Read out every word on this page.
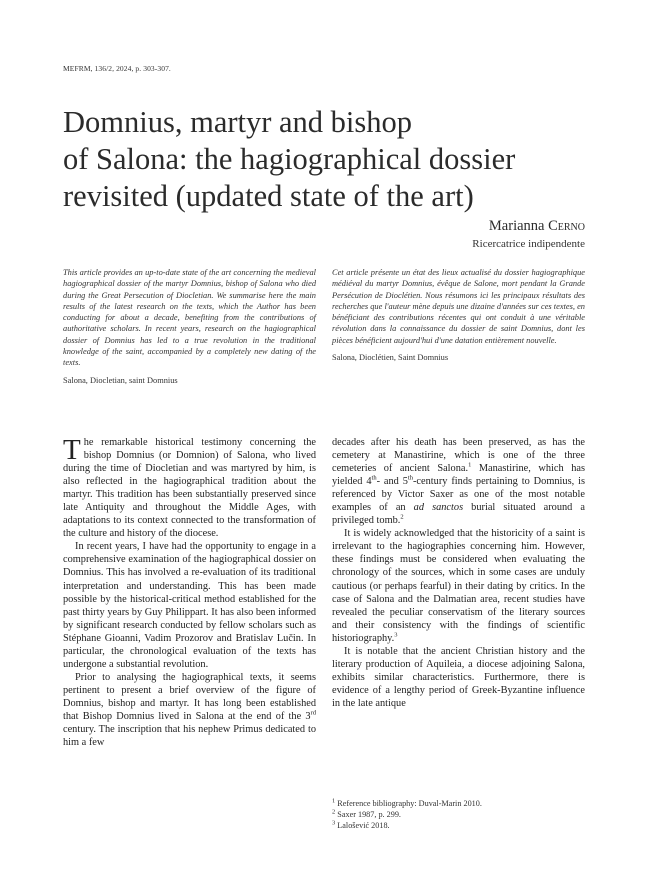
MEFRM, 136/2, 2024, p. 303-307.
Domnius, martyr and bishop
of Salona: the hagiographical dossier
revisited (updated state of the art)
Marianna Cerno
Ricercatrice indipendente
This article provides an up-to-date state of the art concerning the medieval hagiographical dossier of the martyr Domnius, bishop of Salona who died during the Great Persecution of Diocletian. We summarise here the main results of the latest research on the texts, which the Author has been conducting for about a decade, benefiting from the contributions of authoritative scholars. In recent years, research on the hagiographical dossier of Domnius has led to a true revolution in the traditional knowledge of the saint, accompanied by a completely new dating of the texts.
Salona, Diocletian, saint Domnius
Cet article présente un état des lieux actualisé du dossier hagiographique médiéval du martyr Domnius, évêque de Salone, mort pendant la Grande Persécution de Dioclétien. Nous résumons ici les principaux résultats des recherches que l'auteur mène depuis une dizaine d'années sur ces textes, en bénéficiant des contributions récentes qui ont conduit à une véritable révolution dans la connaissance du dossier de saint Domnius, dont les pièces bénéficient aujourd'hui d'une datation entièrement nouvelle.
Salona, Dioclétien, Saint Domnius

The remarkable historical testimony concerning the bishop Domnius (or Domnion) of Salona, who lived during the time of Diocletian and was martyred by him, is also reflected in the hagiographical tradition about the martyr. This tradition has been substantially preserved since late Antiquity and throughout the Middle Ages, with adaptations to its context connected to the transformation of the culture and history of the diocese.

In recent years, I have had the opportunity to engage in a comprehensive examination of the hagiographical dossier on Domnius. This has involved a re-evaluation of its traditional interpretation and understanding. This has been made possible by the historical-critical method established for the past thirty years by Guy Philippart. It has also been informed by significant research conducted by fellow scholars such as Stéphane Gioanni, Vadim Prozorov and Bratislav Lučin. In particular, the chronological evaluation of the texts has undergone a substantial revolution.

Prior to analysing the hagiographical texts, it seems pertinent to present a brief overview of the figure of Domnius, bishop and martyr. It has long been established that Bishop Domnius lived in Salona at the end of the 3rd century. The inscription that his nephew Primus dedicated to him a few

decades after his death has been preserved, as has the cemetery at Manastirine, which is one of the three cemeteries of ancient Salona.$^1$ Manastirine, which has yielded 4th- and 5th-century finds pertaining to Domnius, is referenced by Victor Saxer as one of the most notable examples of an ad sanctos burial situated around a privileged tomb.$^2$

It is widely acknowledged that the historicity of a saint is irrelevant to the hagiographies concerning him. However, these findings must be considered when evaluating the chronology of the sources, which in some cases are unduly cautious (or perhaps fearful) in their dating by critics. In the case of Salona and the Dalmatian area, recent studies have revealed the peculiar conservatism of the literary sources and their consistency with the findings of scientific historiography.$^3$

It is notable that the ancient Christian history and the literary production of Aquileia, a diocese adjoining Salona, exhibits similar characteristics. Furthermore, there is evidence of a lengthy period of Greek-Byzantine influence in the late antique

$^1$ Reference bibliography: Duval-Marin 2010.
$^2$ Saxer 1987, p. 299.
$^3$ Lalošević 2018.
